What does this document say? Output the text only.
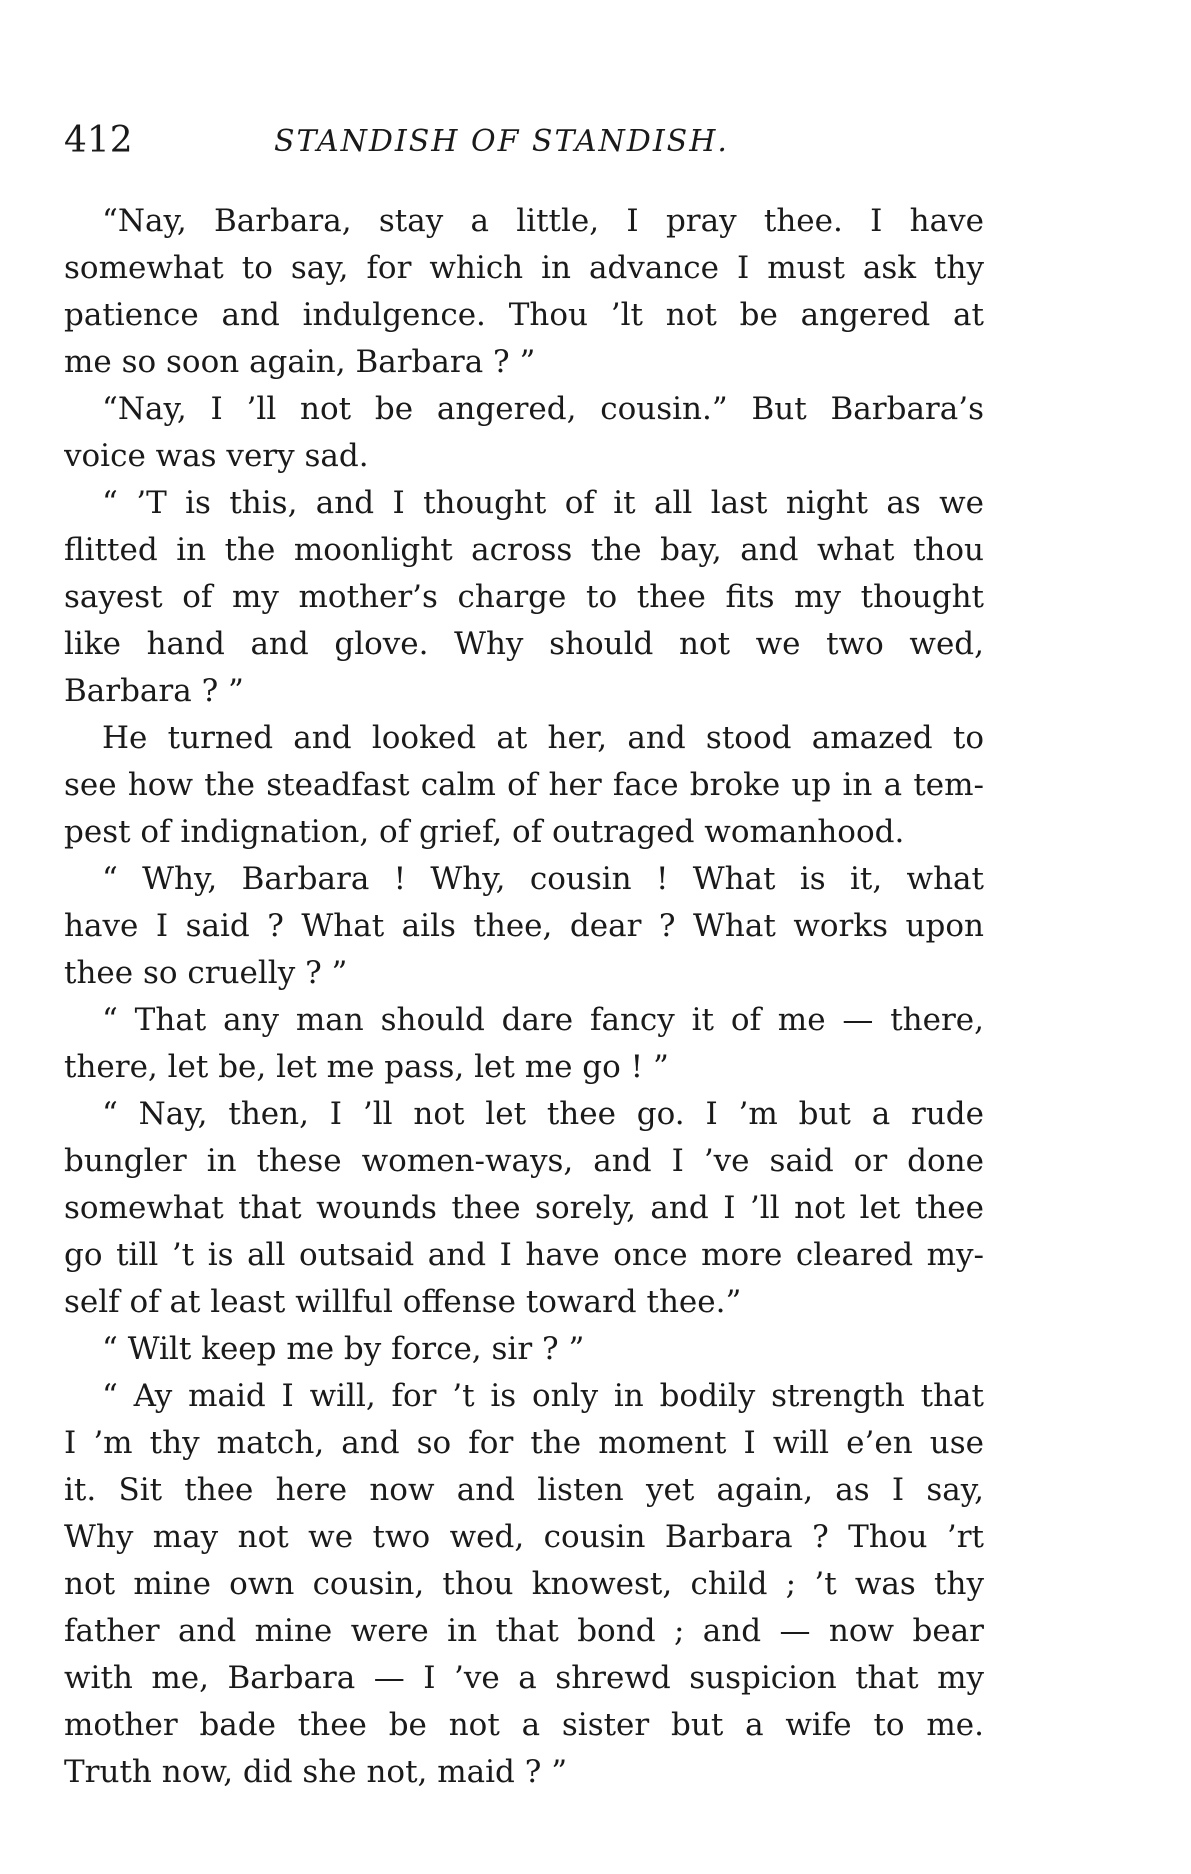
412	STANDISH OF STANDISH.
“Nay, Barbara, stay a little, I pray thee. I have
somewhat to say, for which in advance I must ask thy
patience and indulgence. Thou ’lt not be angered at
me so soon again, Barbara ? ”
“Nay, I ’ll not be angered, cousin.” But Barbara’s
voice was very sad.
“ ’T is this, and I thought of it all last night as we
flitted in the moonlight across the bay, and what thou
sayest of my mother’s charge to thee fits my thought
like hand and glove. Why should not we two wed,
Barbara ? ”
He turned and looked at her, and stood amazed to
see how the steadfast calm of her face broke up in a tem-
pest of indignation, of grief, of outraged womanhood.
“ Why, Barbara ! Why, cousin ! What is it, what
have I said ? What ails thee, dear ? What works upon
thee so cruelly ? ”
“ That any man should dare fancy it of me — there,
there, let be, let me pass, let me go ! ”
“ Nay, then, I ’ll not let thee go. I ’m but a rude
bungler in these women-ways, and I ’ve said or done
somewhat that wounds thee sorely, and I ’ll not let thee
go till ’t is all outsaid and I have once more cleared my-
self of at least willful offense toward thee.”
“ Wilt keep me by force, sir ? ”
“ Ay maid I will, for ’t is only in bodily strength that
I ’m thy match, and so for the moment I will e’en use
it. Sit thee here now and listen yet again, as I say,
Why may not we two wed, cousin Barbara ? Thou ’rt
not mine own cousin, thou knowest, child ; ’t was thy
father and mine were in that bond ; and — now bear
with me, Barbara — I ’ve a shrewd suspicion that my
mother bade thee be not a sister but a wife to me.
Truth now, did she not, maid ? ”
